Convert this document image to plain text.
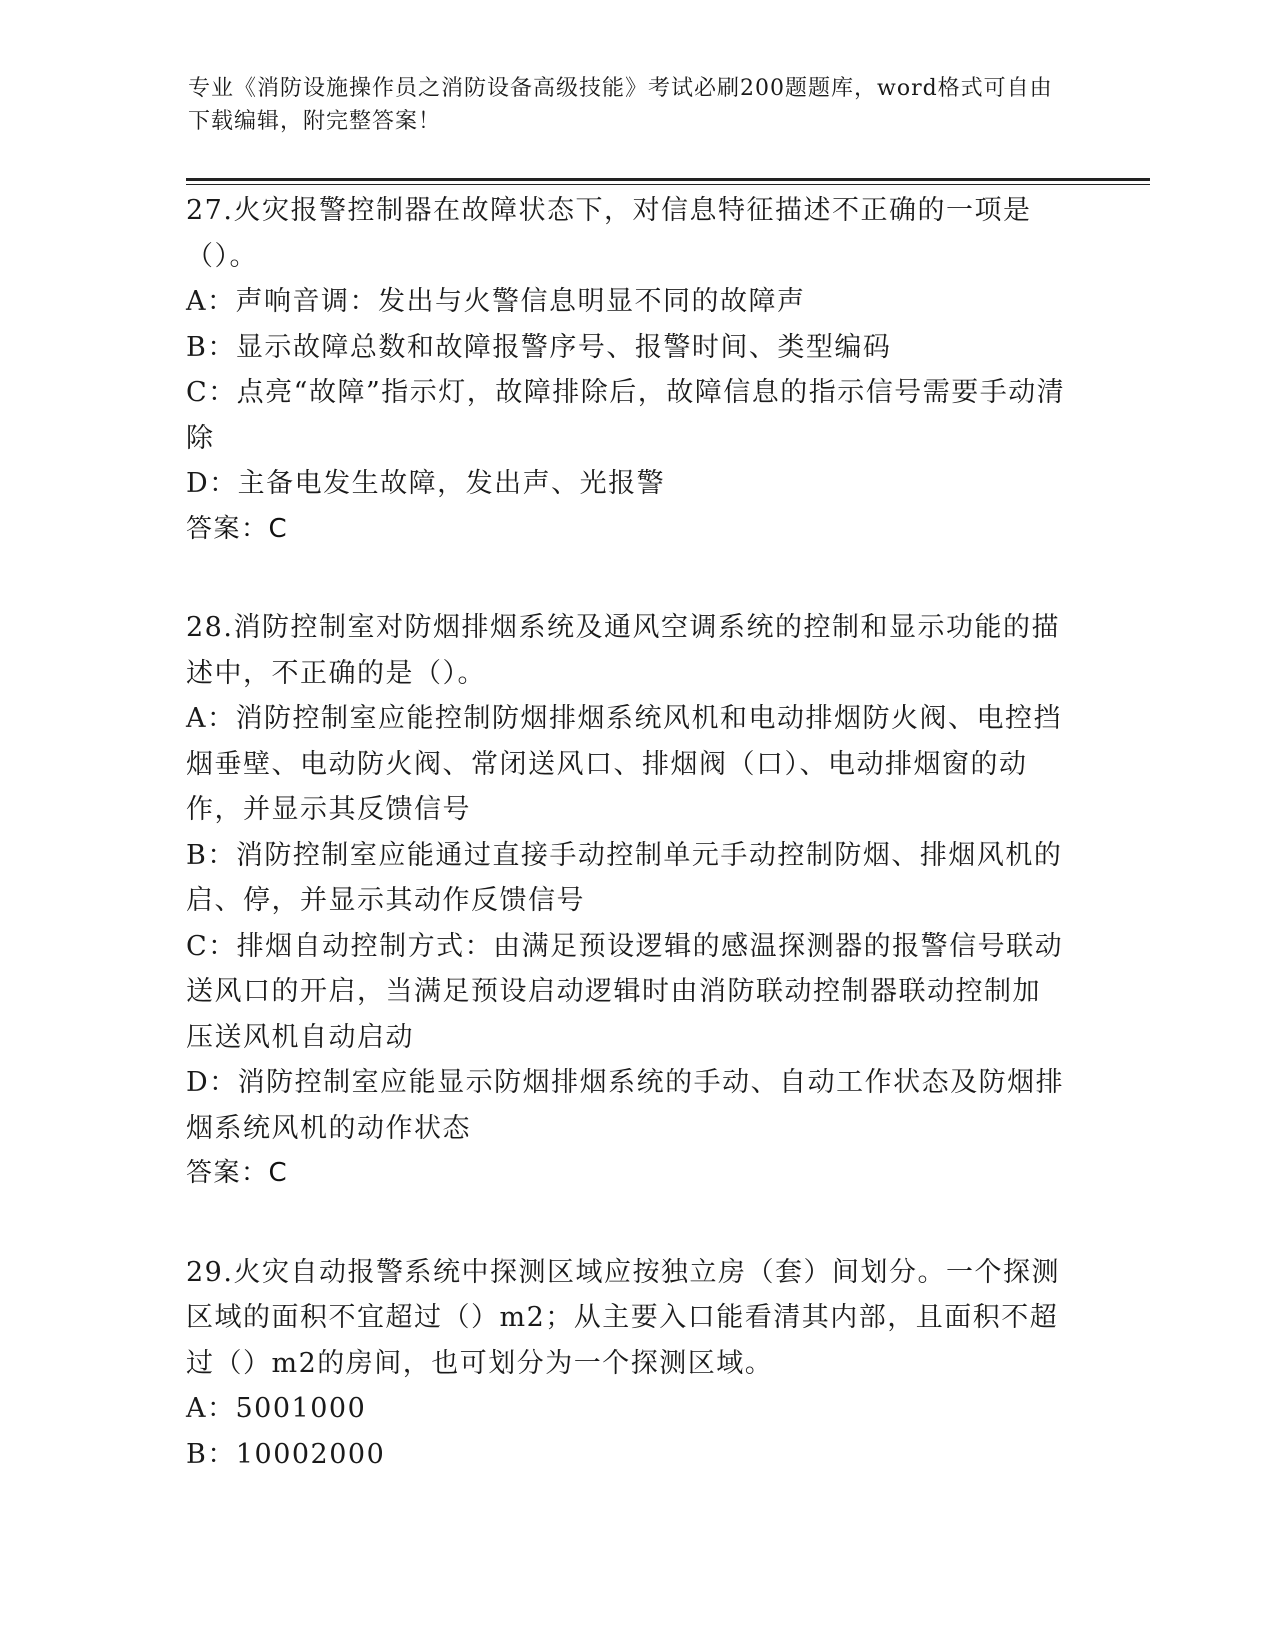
专业《消防设施操作员之消防设备高级技能》考试必刷200题题库，word格式可自由下载编辑，附完整答案！
27.火灾报警控制器在故障状态下，对信息特征描述不正确的一项是（）。
A：声响音调：发出与火警信息明显不同的故障声
B：显示故障总数和故障报警序号、报警时间、类型编码
C：点亮“故障”指示灯，故障排除后，故障信息的指示信号需要手动清除
D：主备电发生故障，发出声、光报警
答案：C
28.消防控制室对防烟排烟系统及通风空调系统的控制和显示功能的描述中，不正确的是（）。
A：消防控制室应能控制防烟排烟系统风机和电动排烟防火阀、电控挡烟垂壁、电动防火阀、常闭送风口、排烟阀（口）、电动排烟窗的动作，并显示其反馈信号
B：消防控制室应能通过直接手动控制单元手动控制防烟、排烟风机的启、停，并显示其动作反馈信号
C：排烟自动控制方式：由满足预设逻辑的感温探测器的报警信号联动送风口的开启，当满足预设启动逻辑时由消防联动控制器联动控制加压送风机自动启动
D：消防控制室应能显示防烟排烟系统的手动、自动工作状态及防烟排烟系统风机的动作状态
答案：C
29.火灾自动报警系统中探测区域应按独立房（套）间划分。一个探测区域的面积不宜超过（）m2；从主要入口能看清其内部，且面积不超过（）m2的房间，也可划分为一个探测区域。
A：5001000
B：10002000
